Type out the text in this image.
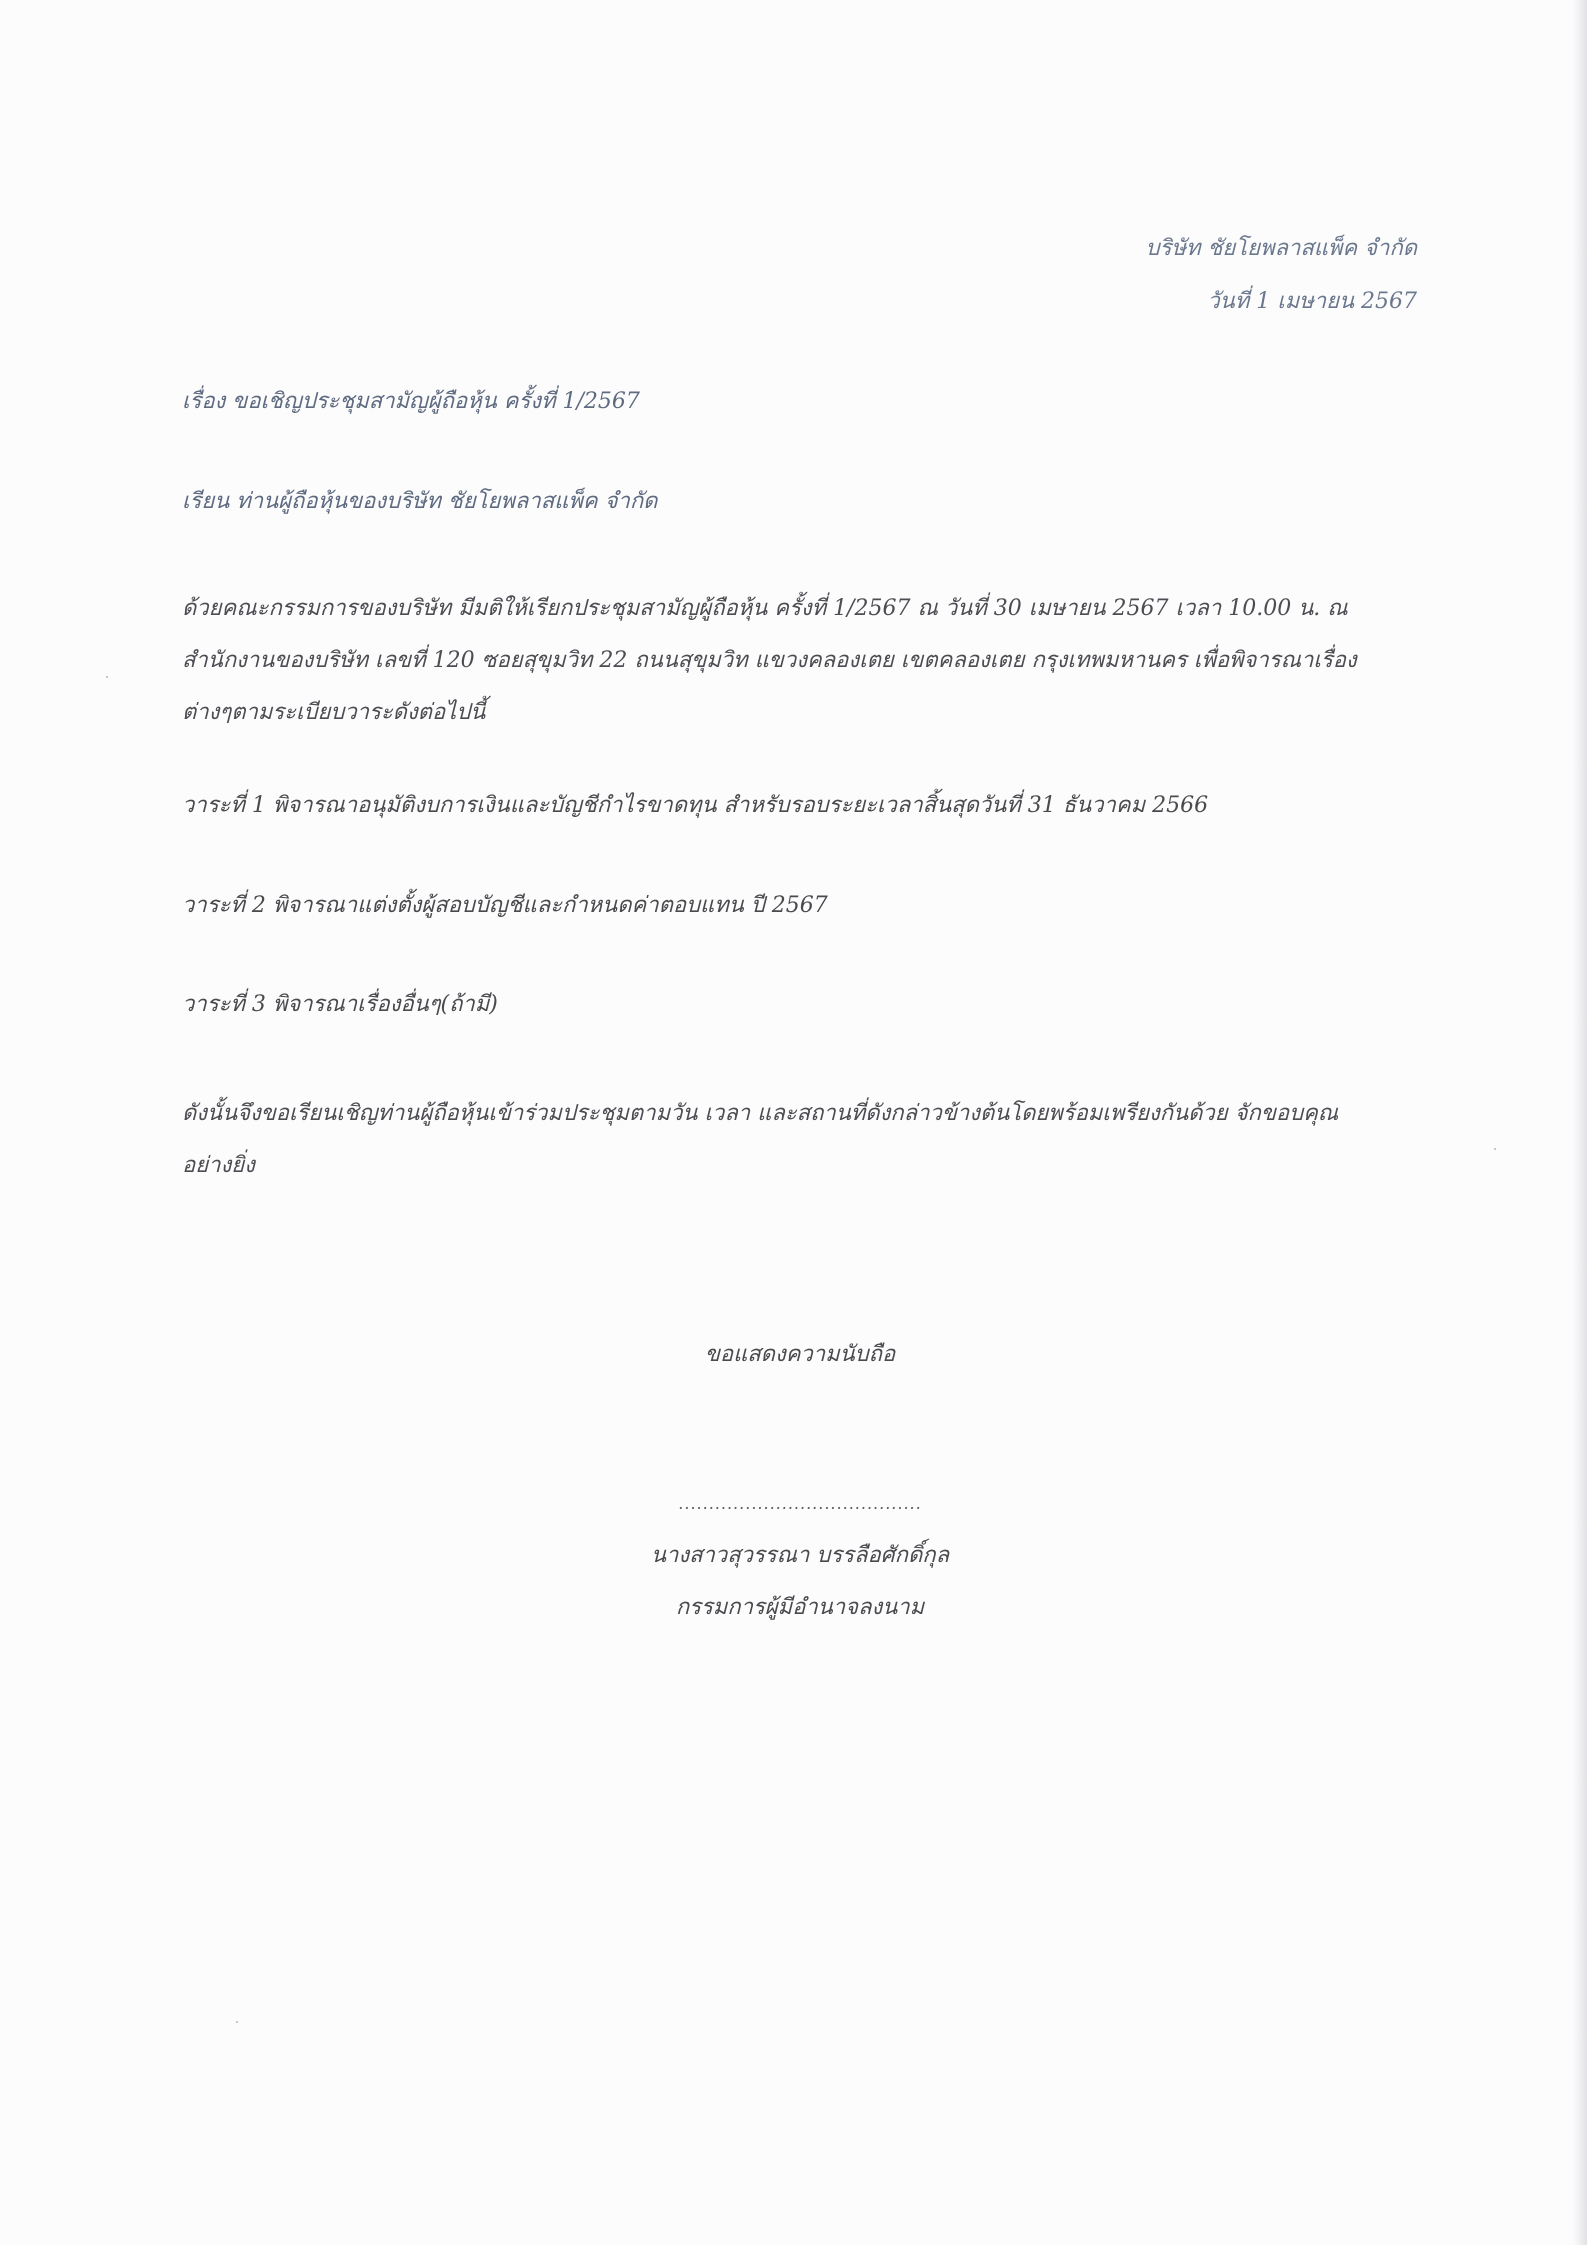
บริษัท ชัยโยพลาสแพ็ค จำกัด
วันที่ 1 เมษายน 2567
เรื่อง ขอเชิญประชุมสามัญผู้ถือหุ้น ครั้งที่ 1/2567
เรียน ท่านผู้ถือหุ้นของบริษัท ชัยโยพลาสแพ็ค จำกัด
ด้วยคณะกรรมการของบริษัท มีมติให้เรียกประชุมสามัญผู้ถือหุ้น ครั้งที่ 1/2567 ณ วันที่ 30 เมษายน 2567 เวลา 10.00 น. ณ
สำนักงานของบริษัท เลขที่ 120 ซอยสุขุมวิท 22 ถนนสุขุมวิท แขวงคลองเตย เขตคลองเตย กรุงเทพมหานคร เพื่อพิจารณาเรื่อง
ต่างๆตามระเบียบวาระดังต่อไปนี้
วาระที่ 1 พิจารณาอนุมัติงบการเงินและบัญชีกำไรขาดทุน สำหรับรอบระยะเวลาสิ้นสุดวันที่ 31 ธันวาคม 2566
วาระที่ 2 พิจารณาแต่งตั้งผู้สอบบัญชีและกำหนดค่าตอบแทน ปี 2567
วาระที่ 3 พิจารณาเรื่องอื่นๆ(ถ้ามี)
ดังนั้นจึงขอเรียนเชิญท่านผู้ถือหุ้นเข้าร่วมประชุมตามวัน เวลา และสถานที่ดังกล่าวข้างต้นโดยพร้อมเพรียงกันด้วย จักขอบคุณ
อย่างยิ่ง
ขอแสดงความนับถือ
........................................
นางสาวสุวรรณา บรรลือศักดิ์กุล
กรรมการผู้มีอำนาจลงนาม
